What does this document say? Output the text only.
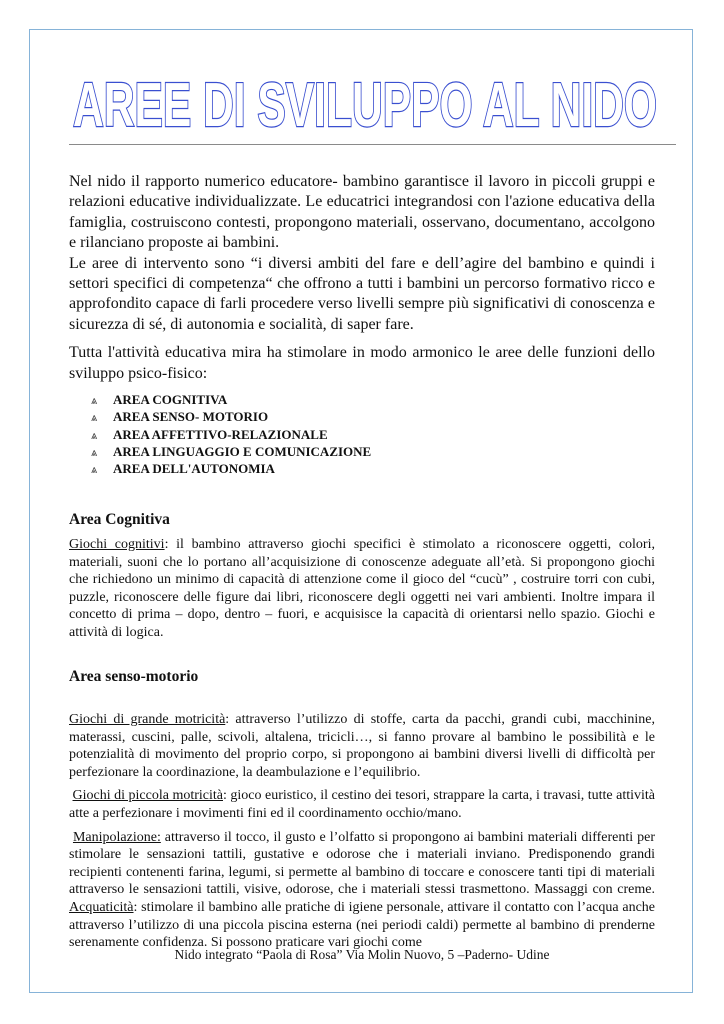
AREE DI SVILUPPO AL NIDO

Nel nido il rapporto numerico educatore- bambino garantisce il lavoro in piccoli gruppi e relazioni educative individualizzate. Le educatrici integrandosi con l'azione educativa della famiglia, costruiscono contesti, propongono materiali, osservano, documentano, accolgono e rilanciano proposte ai bambini.

Le aree di intervento sono “i diversi ambiti del fare e dell’agire del bambino e quindi i settori specifici di competenza“ che offrono a tutti i bambini un percorso formativo ricco e approfondito capace di farli procedere verso livelli sempre più significativi di conoscenza e sicurezza di sé, di autonomia e socialità, di saper fare.

Tutta l'attività educativa mira ha stimolare in modo armonico le aree delle funzioni dello sviluppo psico-fisico:

⩓ AREA COGNITIVA
⩓ AREA SENSO- MOTORIO
⩓ AREA AFFETTIVO-RELAZIONALE
⩓ AREA LINGUAGGIO E COMUNICAZIONE
⩓ AREA DELL'AUTONOMIA
Area Cognitiva

Giochi cognitivi: il bambino attraverso giochi specifici è stimolato a riconoscere oggetti, colori, materiali, suoni che lo portano all’acquisizione di conoscenze adeguate all’età. Si propongono giochi che richiedono un minimo di capacità di attenzione come il gioco del “cucù” , costruire torri con cubi, puzzle, riconoscere delle figure dai libri, riconoscere degli oggetti nei vari ambienti. Inoltre impara il concetto di prima – dopo, dentro – fuori, e acquisisce la capacità di orientarsi nello spazio. Giochi e attività di logica.

Area senso-motorio

Giochi di grande motricità: attraverso l’utilizzo di stoffe, carta da pacchi, grandi cubi, macchinine, materassi, cuscini, palle, scivoli, altalena, tricicli…, si fanno provare al bambino le possibilità e le potenzialità di movimento del proprio corpo, si propongono ai bambini diversi livelli di difficoltà per perfezionare la coordinazione, la deambulazione e l’equilibrio.

Giochi di piccola motricità: gioco euristico, il cestino dei tesori, strappare la carta, i travasi, tutte attività atte a perfezionare i movimenti fini ed il coordinamento occhio/mano.

Manipolazione: attraverso il tocco, il gusto e l’olfatto si propongono ai bambini materiali differenti per stimolare le sensazioni tattili, gustative e odorose che i materiali inviano. Predisponendo grandi recipienti contenenti farina, legumi, si permette al bambino di toccare e conoscere tanti tipi di materiali attraverso le sensazioni tattili, visive, odorose, che i materiali stessi trasmettono. Massaggi con creme. Acquaticità: stimolare il bambino alle pratiche di igiene personale, attivare il contatto con l’acqua anche attraverso l’utilizzo di una piccola piscina esterna (nei periodi caldi) permette al bambino di prenderne serenamente confidenza. Si possono praticare vari giochi come

Nido integrato “Paola di Rosa” Via Molin Nuovo, 5 –Paderno- Udine
